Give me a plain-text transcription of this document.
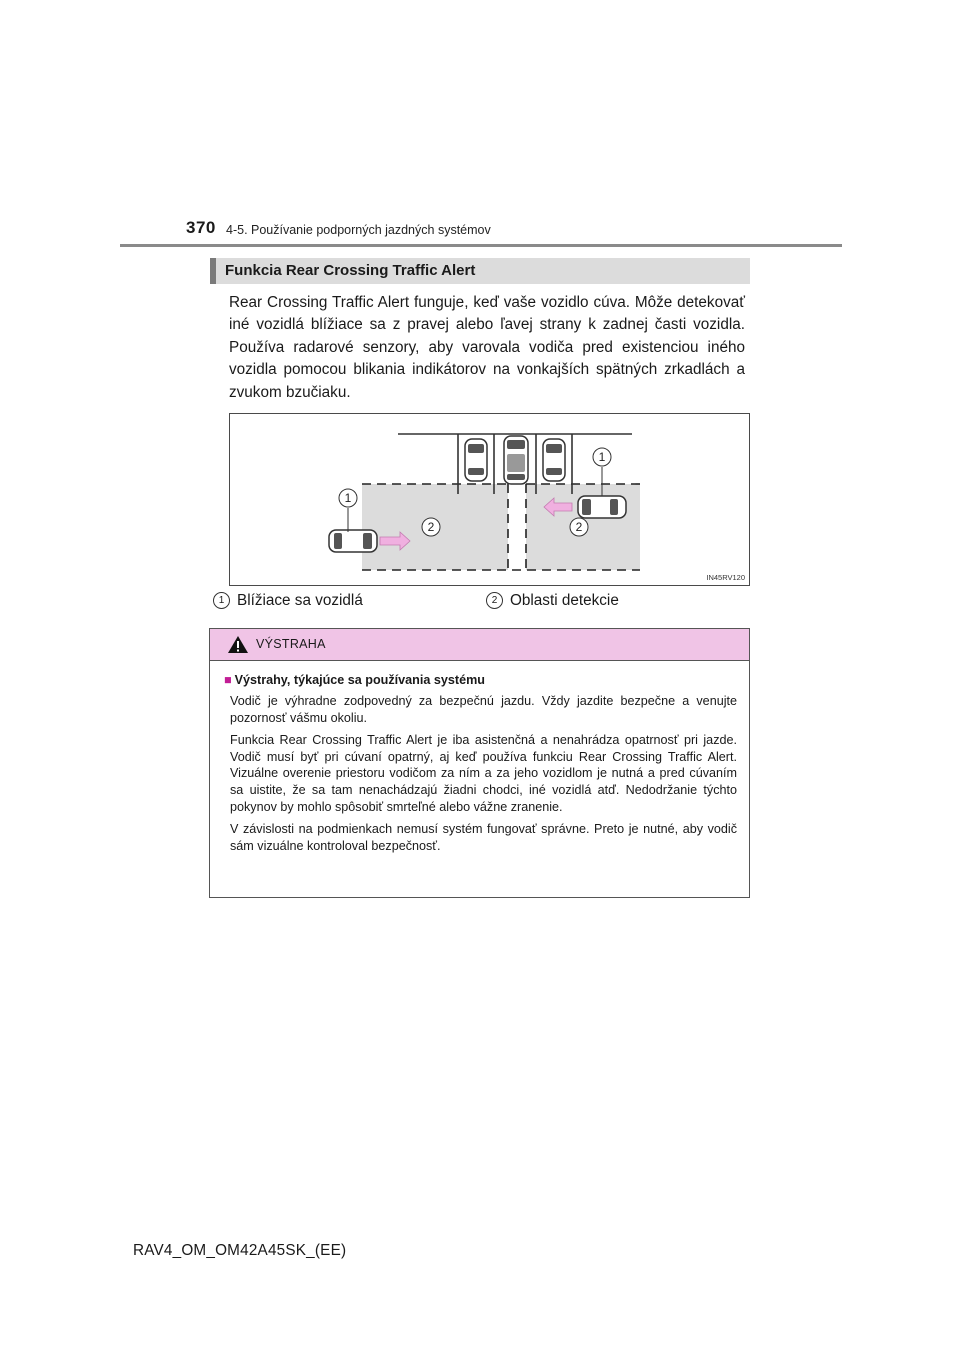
370 4-5. Používanie podporných jazdných systémov
Funkcia Rear Crossing Traffic Alert
Rear Crossing Traffic Alert funguje, keď vaše vozidlo cúva. Môže detekovať iné vozidlá blížiace sa z pravej alebo ľavej strany k zadnej časti vozidla. Používa radarové senzory, aby varovala vodiča pred existenciou iného vozidla pomocou blikania indikátorov na vonkajších spätných zrkadlách a zvukom bzučiaku.
1
1
2	2
IN45RV120
1 Blížiace sa vozidlá	2 Oblasti detekcie
VÝSTRAHA
■ Výstrahy, týkajúce sa používania systému

Vodič je výhradne zodpovedný za bezpečnú jazdu. Vždy jazdite bezpečne a venujte pozornosť vášmu okoliu.

Funkcia Rear Crossing Traffic Alert je iba asistenčná a nenahrádza opatrnosť pri jazde. Vodič musí byť pri cúvaní opatrný, aj keď používa funkciu Rear Crossing Traffic Alert. Vizuálne overenie priestoru vodičom za ním a za jeho vozidlom je nutná a pred cúvaním sa uistite, že sa tam nenachádzajú žiadni chodci, iné vozidlá atď. Nedodržanie týchto pokynov by mohlo spôsobiť smrteľné alebo vážne zranenie.

V závislosti na podmienkach nemusí systém fungovať správne. Preto je nutné, aby vodič sám vizuálne kontroloval bezpečnosť.

RAV4_OM_OM42A45SK_(EE)
